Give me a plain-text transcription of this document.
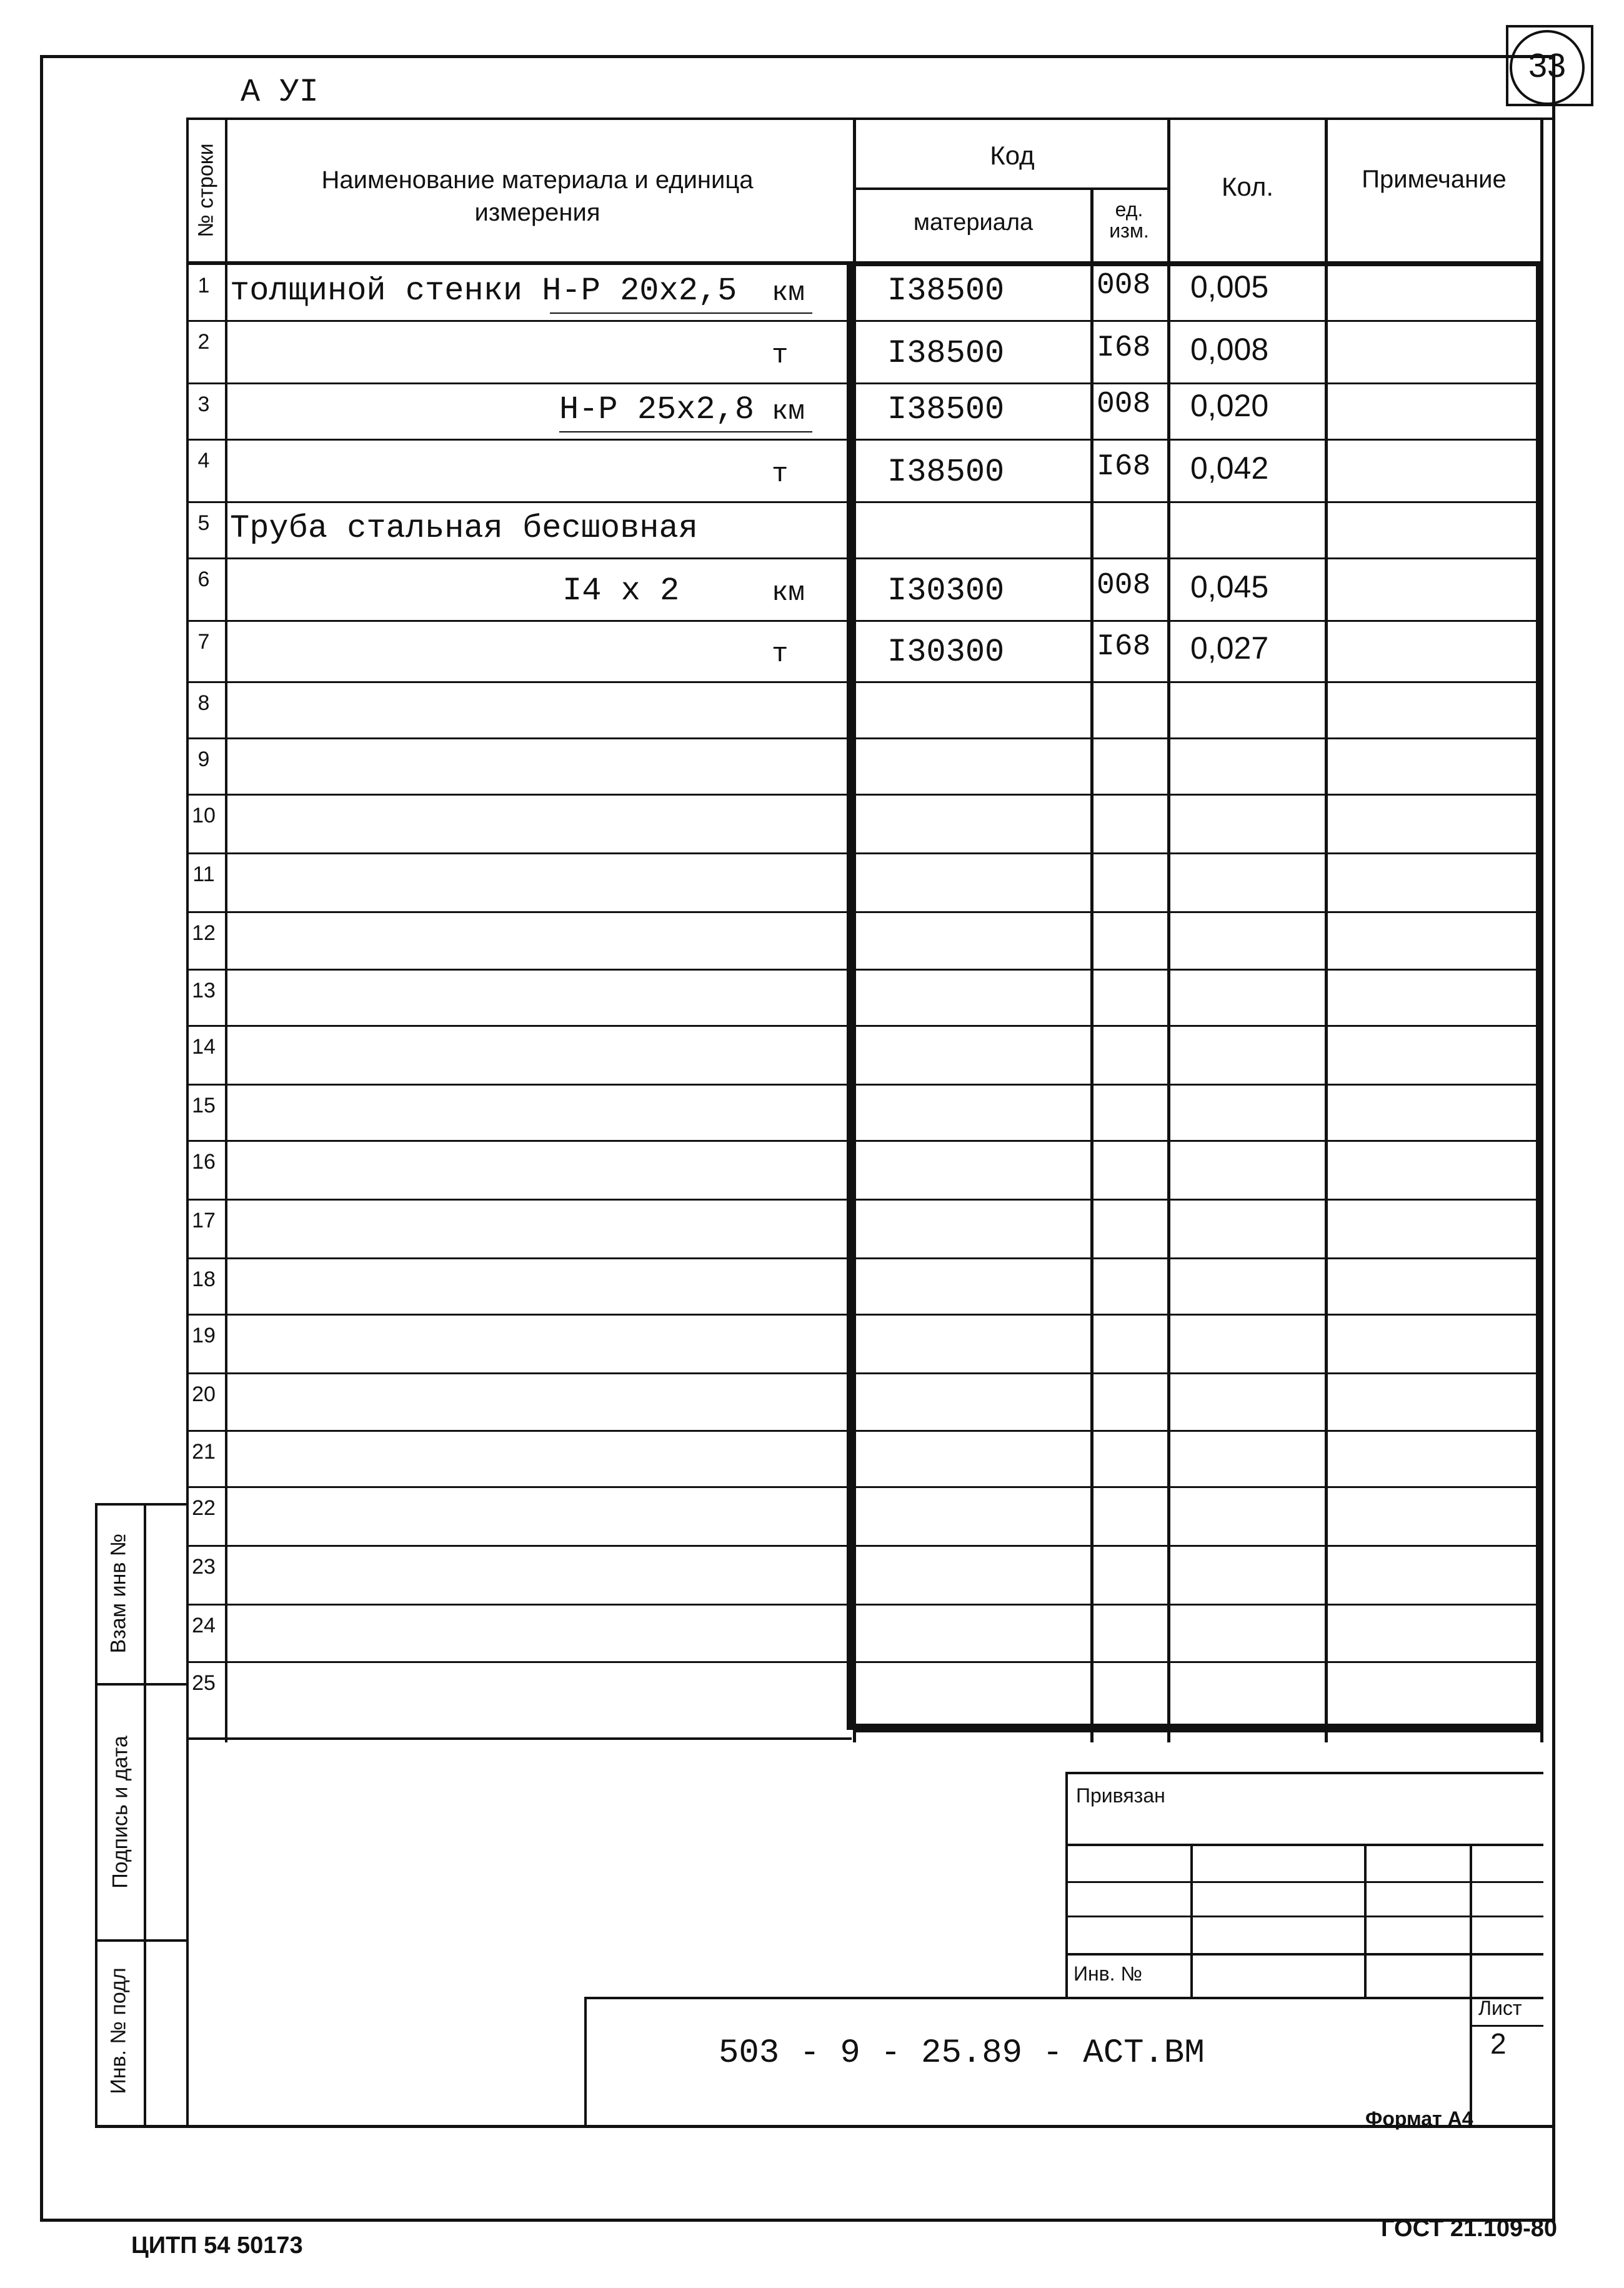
33
А УI
№ строки	Наименование материала и единица измерения
Код
материала	ед. изм.
Кол.	Примечание
1 толщиной стенки Н-Р 20х2,5 км	I38500	008 0,005
2	т	I38500	I68 0,008
3	Н-Р 25х2,8 км	I38500	008 0,020
4	т	I38500	I68 0,042
5 Труба стальная бесшовная
6	I4 х 2	км	I30300	008 0,045
7	т	I30300	I68 0,027
8
9
10
11
12
13
14
15
16
17
18
19
20
21
22
23
24
25
Взам инв №
Подпись и дата
Инв. № подл
Привязан
Инв. №
503 - 9 - 25.89 - АСТ.ВМ
Лист
2
Формат А4
ЦИТП 54 50173
ГОСТ 21.109-80
